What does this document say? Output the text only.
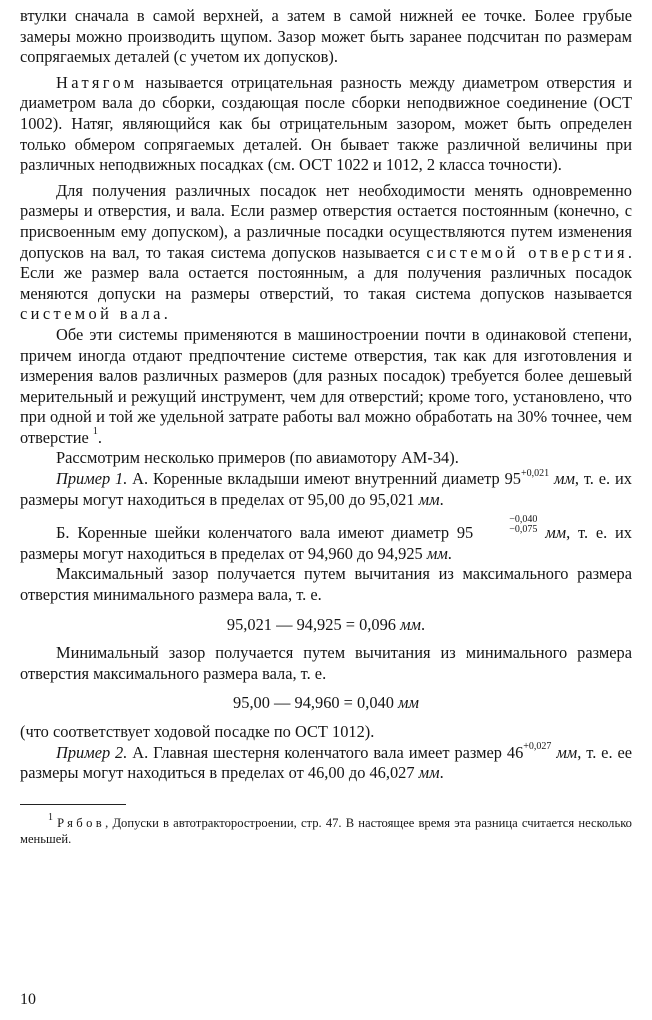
втулки сначала в самой верхней, а затем в самой нижней ее точке. Более грубые замеры можно производить щупом. Зазор может быть заранее подсчитан по размерам сопрягаемых деталей (с учетом их допусков).

Натягом называется отрицательная разность между диаметром отверстия и диаметром вала до сборки, создающая после сборки неподвижное соединение (ОСТ 1002). Натяг, являющийся как бы отрицательным зазором, может быть определен только обмером сопрягаемых деталей. Он бывает также различной величины при различных неподвижных посадках (см. ОСТ 1022 и 1012, 2 класса точности).

Для получения различных посадок нет необходимости менять одновременно размеры и отверстия, и вала. Если размер отверстия остается постоянным (конечно, с присвоенным ему допуском), а различные посадки осуществляются путем изменения допусков на вал, то такая система допусков называется системой отверстия. Если же размер вала остается постоянным, а для получения различных посадок меняются допуски на размеры отверстий, то такая система допусков называется системой вала.

Обе эти системы применяются в машиностроении почти в одинаковой степени, причем иногда отдают предпочтение системе отверстия, так как для изготовления и измерения валов различных размеров (для разных посадок) требуется более дешевый мерительный и режущий инструмент, чем для отверстий; кроме того, установлено, что при одной и той же удельной затрате работы вал можно обработать на 30% точнее, чем отверстие $^1$.

Рассмотрим несколько примеров (по авиамотору АМ-34).

Пример 1. А. Коренные вкладыши имеют внутренний диаметр $95^{+0,021}$ мм, т. е. их размеры могут находиться в пределах от 95,00 до 95,021 мм.

Б. Коренные шейки коленчатого вала имеют диаметр 95
−0,040
−0,075 мм, т. е. их размеры могут находиться в пределах от 94,960 до 94,925 мм.

Максимальный зазор получается путем вычитания из максимального размера отверстия минимального размера вала, т. е.

95,021 — 94,925 = 0,096 мм.

Минимальный зазор получается путем вычитания из минимального размера отверстия максимального размера вала, т. е.

95,00 — 94,960 = 0,040 мм

(что соответствует ходовой посадке по ОСТ 1012).

Пример 2. А. Главная шестерня коленчатого вала имеет размер $46^{+0,027}$ мм, т. е. ее размеры могут находиться в пределах от 46,00 до 46,027 мм.

$^1$ Рябов, Допуски в автотракторостроении, стр. 47. В настоящее время эта разница считается несколько меньшей.

10
